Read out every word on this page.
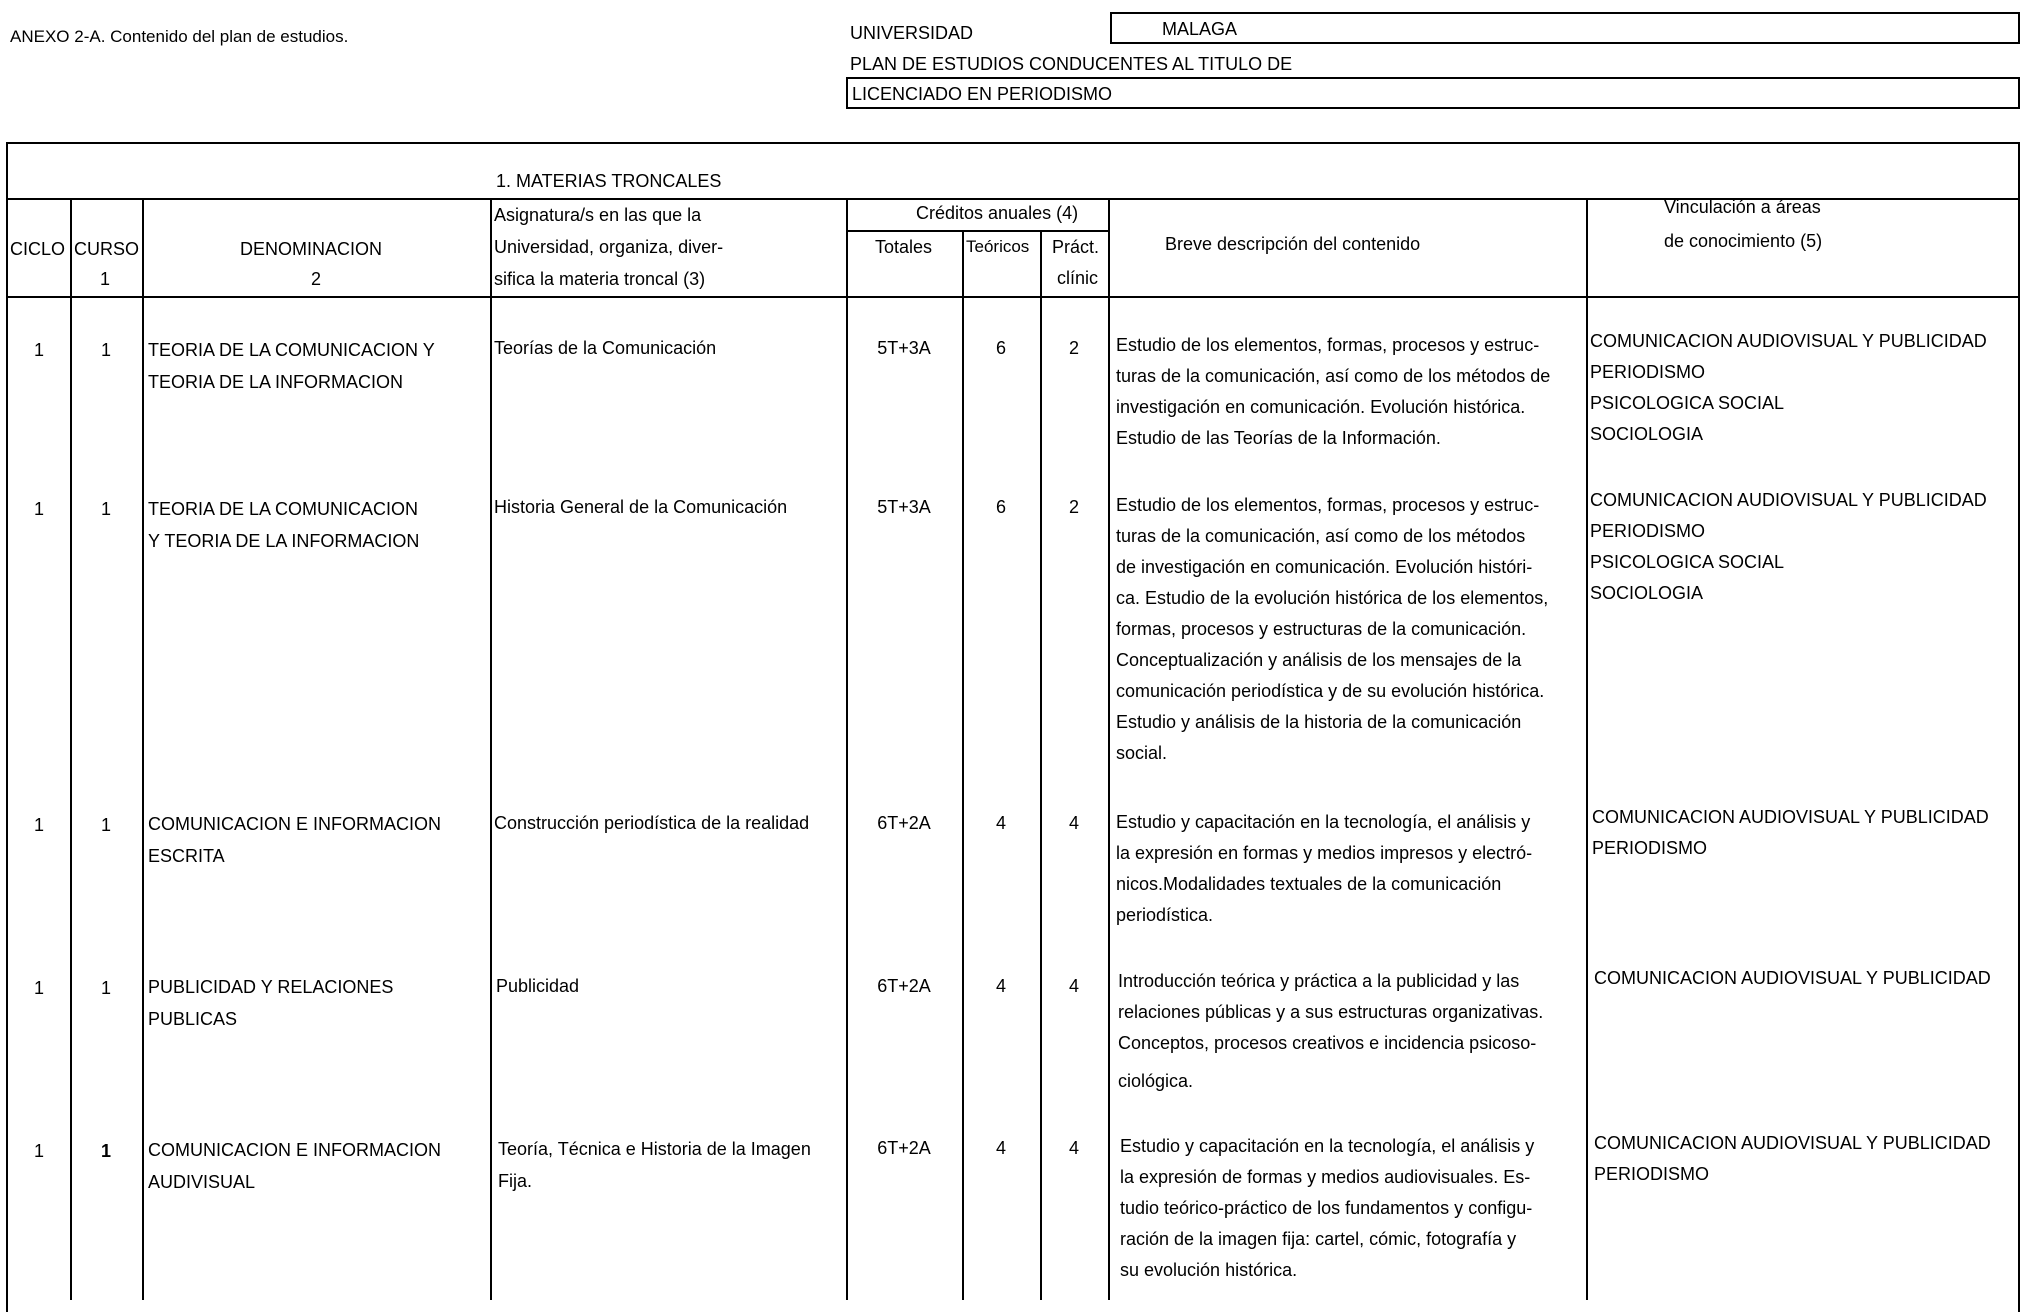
ANEXO 2-A. Contenido del plan de estudios.	UNIVERSIDAD	MALAGA
PLAN DE ESTUDIOS CONDUCENTES AL TITULO DE
LICENCIADO EN PERIODISMO
1. MATERIAS TRONCALES
CICLO CURSO
1
DENOMINACION
2
Asignatura/s en las que la
Universidad, organiza, diver-
sifica la materia troncal (3)
Créditos anuales (4)
Totales Teóricos Práct.
clínic
Breve descripción del contenido
Vinculación a áreas
de conocimiento (5)
1	1	TEORIA DE LA COMUNICACION Y
TEORIA DE LA INFORMACION
Teorías de la Comunicación	5T+3A	6	2	Estudio de los elementos, formas, procesos y estruc-
turas de la comunicación, así como de los métodos de
investigación en comunicación. Evolución histórica.
Estudio de las Teorías de la Información.
COMUNICACION AUDIOVISUAL Y PUBLICIDAD
PERIODISMO
PSICOLOGICA SOCIAL
SOCIOLOGIA
1	1	TEORIA DE LA COMUNICACION
Y TEORIA DE LA INFORMACION
Historia General de la Comunicación	5T+3A	6	2	Estudio de los elementos, formas, procesos y estruc-
turas de la comunicación, así como de los métodos
de investigación en comunicación. Evolución históri-
ca. Estudio de la evolución histórica de los elementos,
formas, procesos y estructuras de la comunicación.
Conceptualización y análisis de los mensajes de la
comunicación periodística y de su evolución histórica.
Estudio y análisis de la historia de la comunicación
social.
COMUNICACION AUDIOVISUAL Y PUBLICIDAD
PERIODISMO
PSICOLOGICA SOCIAL
SOCIOLOGIA
1	1	COMUNICACION E INFORMACION
ESCRITA
Construcción periodística de la realidad	6T+2A	4	4	Estudio y capacitación en la tecnología, el análisis y
la expresión en formas y medios impresos y electró-
nicos.Modalidades textuales de la comunicación
periodística.
COMUNICACION AUDIOVISUAL Y PUBLICIDAD
PERIODISMO
1	1	PUBLICIDAD Y RELACIONES
PUBLICAS
Publicidad	6T+2A	4	4	Introducción teórica y práctica a la publicidad y las
relaciones públicas y a sus estructuras organizativas.
Conceptos, procesos creativos e incidencia psicoso-
ciológica.
COMUNICACION AUDIOVISUAL Y PUBLICIDAD
1	1	COMUNICACION E INFORMACION
AUDIVISUAL
Teoría, Técnica e Historia de la Imagen
Fija.
6T+2A	4	4	Estudio y capacitación en la tecnología, el análisis y
la expresión de formas y medios audiovisuales. Es-
tudio teórico-práctico de los fundamentos y configu-
ración de la imagen fija: cartel, cómic, fotografía y
su evolución histórica.
COMUNICACION AUDIOVISUAL Y PUBLICIDAD
PERIODISMO
